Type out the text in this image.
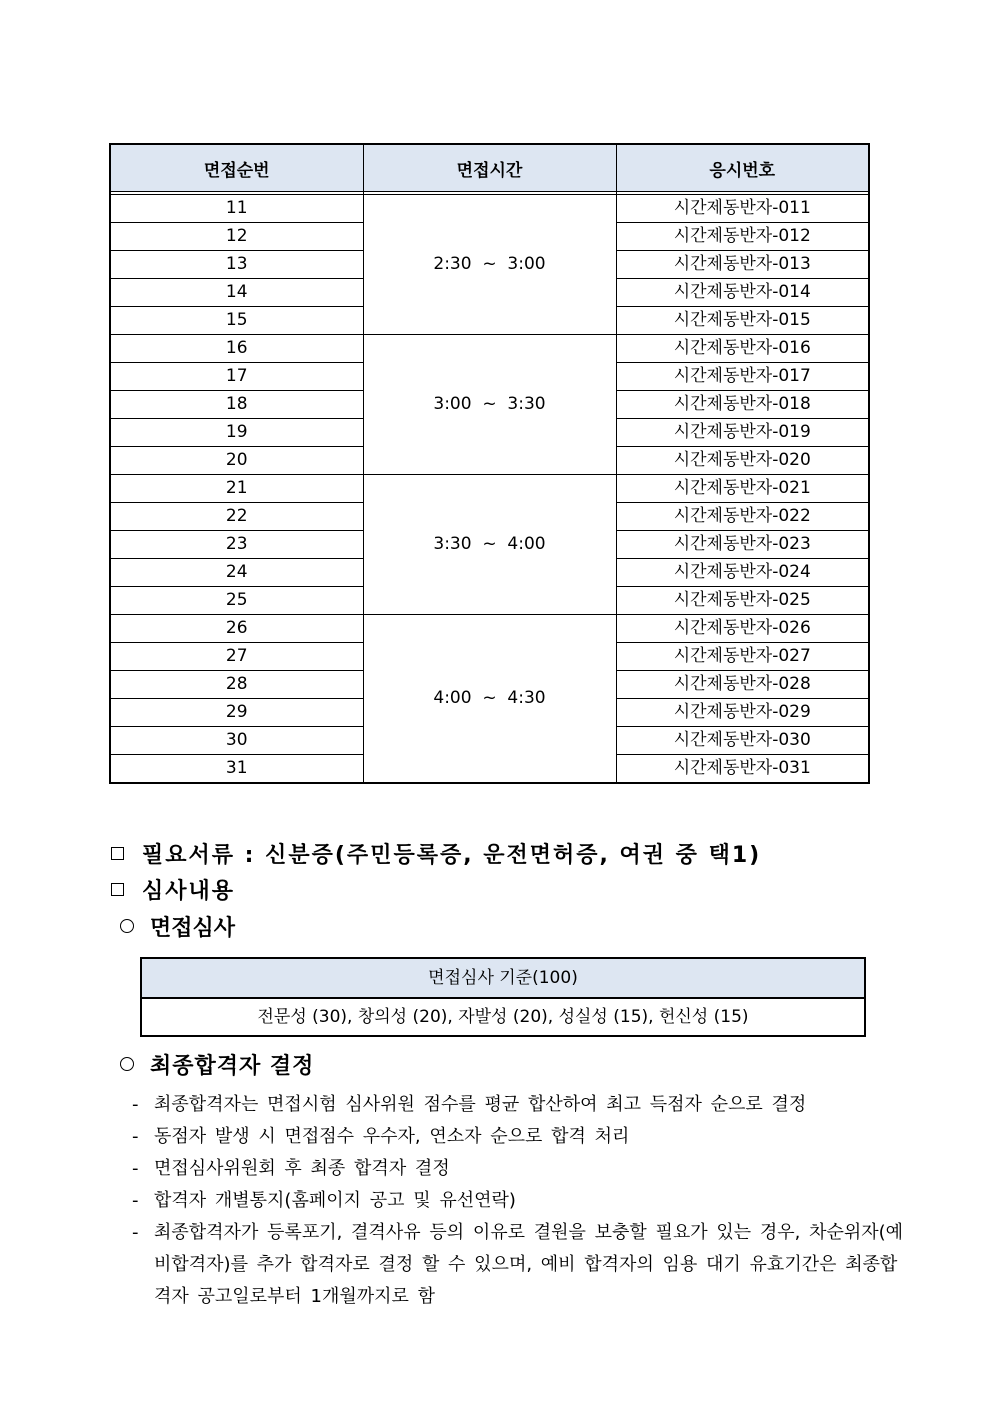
면접순번	면접시간	응시번호

11	2:30  ~  3:00	시간제동반자-011
12		시간제동반자-012
13		시간제동반자-013
14		시간제동반자-014
15		시간제동반자-015
16	3:00  ~  3:30	시간제동반자-016
17		시간제동반자-017
18		시간제동반자-018
19		시간제동반자-019
20		시간제동반자-020
21	3:30  ~  4:00	시간제동반자-021
22		시간제동반자-022
23		시간제동반자-023
24		시간제동반자-024
25		시간제동반자-025
26	4:00  ~  4:30	시간제동반자-026
27		시간제동반자-027
28		시간제동반자-028
29		시간제동반자-029
30		시간제동반자-030
31		시간제동반자-031
필요서류 : 신분증(주민등록증, 운전면허증, 여권 중 택1)
심사내용
면접심사
면접심사 기준(100)
전문성 (30), 창의성 (20), 자발성 (20), 성실성 (15), 헌신성 (15)
최종합격자 결정
- 최종합격자는 면접시험 심사위원 점수를 평균 합산하여 최고 득점자 순으로 결정
- 동점자 발생 시 면접점수 우수자, 연소자 순으로 합격 처리
- 면접심사위원회 후 최종 합격자 결정
- 합격자 개별통지(홈페이지 공고 및 유선연락)
- 최종합격자가 등록포기, 결격사유 등의 이유로 결원을 보충할 필요가 있는 경우, 차순위자(예비합격자)를 추가 합격자로 결정 할 수 있으며, 예비 합격자의 임용 대기 유효기간은 최종합격자 공고일로부터 1개월까지로 함
